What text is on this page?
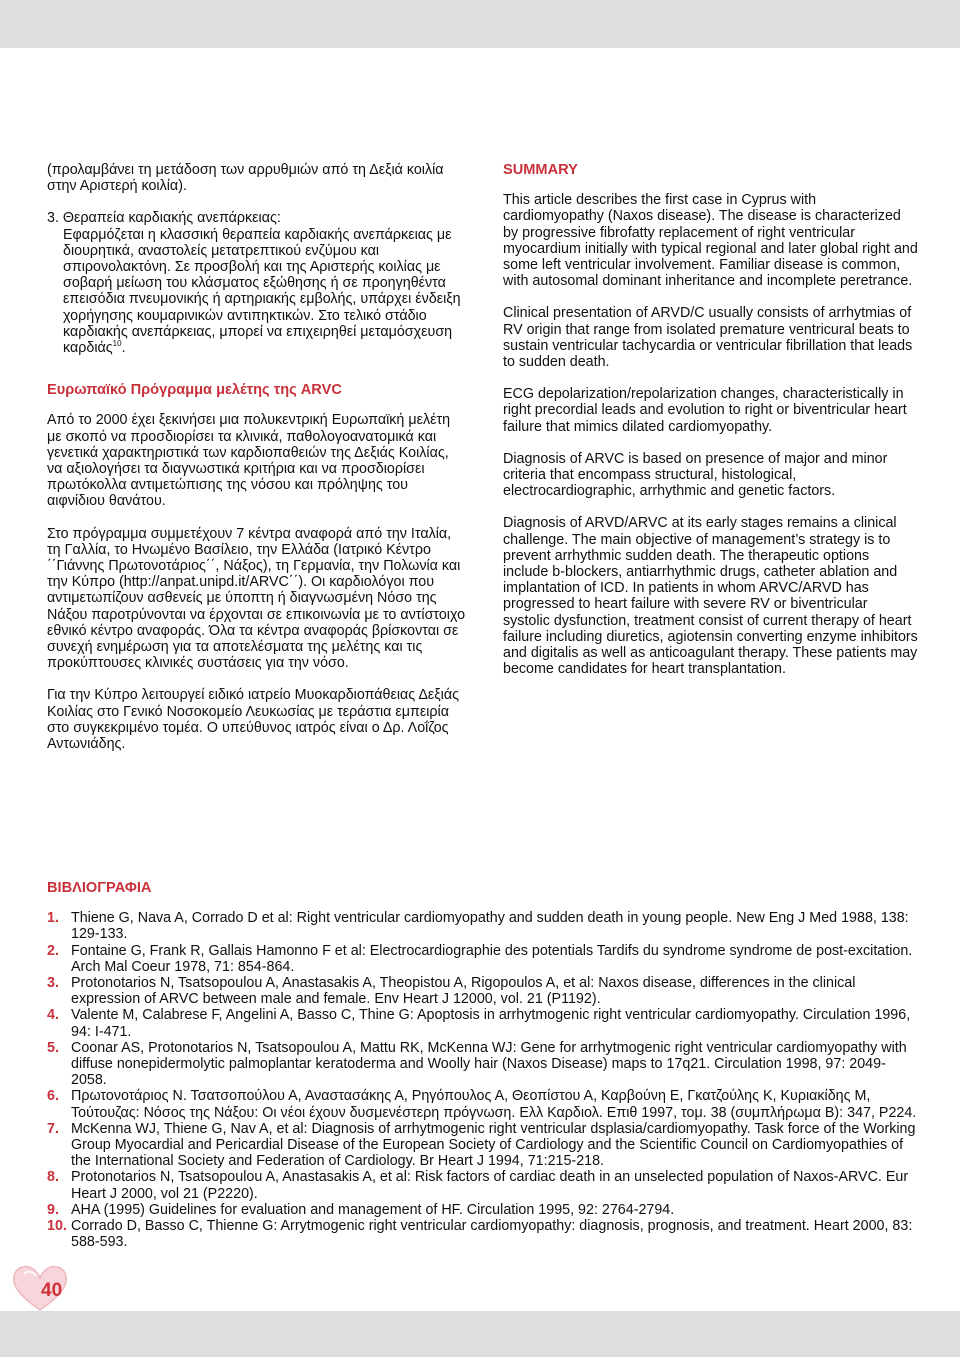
(προλαμβάνει τη μετάδοση των αρρυθμιών από τη Δεξιά κοιλία στην Αριστερή κοιλία).

3. Θεραπεία καρδιακής ανεπάρκειας:

Εφαρμόζεται η κλασσική θεραπεία καρδιακής ανεπάρκειας με διουρητικά, αναστολείς μετατρεπτικού ενζύμου και σπιρονολακτόνη. Σε προσβολή και της Αριστερής κοιλίας με σοβαρή μείωση του κλάσματος εξώθησης ή σε προηγηθέντα επεισόδια πνευμονικής ή αρτηριακής εμβολής, υπάρχει ένδειξη χορήγησης κουμαρινικών αντιπηκτικών. Στο τελικό στάδιο καρδιακής ανεπάρκειας, μπορεί να επιχειρηθεί μεταμόσχευση καρδιάς$^{10}$.

Ευρωπαϊκό Πρόγραμμα μελέτης της ARVC

Από το 2000 έχει ξεκινήσει μια πολυκεντρική Ευρωπαϊκή μελέτη με σκοπό να προσδιορίσει τα κλινικά, παθολογοανατομικά και γενετικά χαρακτηριστικά των καρδιοπαθειών της Δεξιάς Κοιλίας, να αξιολογήσει τα διαγνωστικά κριτήρια και να προσδιορίσει πρωτόκολλα αντιμετώπισης της νόσου και πρόληψης του αιφνίδιου θανάτου.

Στο πρόγραμμα συμμετέχουν 7 κέντρα αναφορά από την Ιταλία, τη Γαλλία, το Ηνωμένο Βασίλειο, την Ελλάδα (Ιατρικό Κέντρο ΄΄Γιάννης Πρωτονοτάριος΄΄, Νάξος), τη Γερμανία, την Πολωνία και την Κύπρο (http://anpat.unipd.it/ARVC΄΄). Οι καρδιολόγοι που αντιμετωπίζουν ασθενείς με ύποπτη ή διαγνωσμένη Νόσο της Νάξου παροτρύνονται να έρχονται σε επικοινωνία με το αντίστοιχο εθνικό κέντρο αναφοράς. Όλα τα κέντρα αναφοράς βρίσκονται σε συνεχή ενημέρωση για τα αποτελέσματα της μελέτης και τις προκύπτουσες κλινικές συστάσεις για την νόσο.

Για την Κύπρο λειτουργεί ειδικό ιατρείο Μυοκαρδιοπάθειας Δεξιάς Κοιλίας στο Γενικό Νοσοκομείο Λευκωσίας με τεράστια εμπειρία στο συγκεκριμένο τομέα. Ο υπεύθυνος ιατρός είναι ο Δρ. Λοΐζος Αντωνιάδης.

SUMMARY

This article describes the first case in Cyprus with cardiomyopathy (Naxos disease). The disease is characterized by progressive fibrofatty replacement of right ventricular myocardium initially with typical regional and later global right and some left ventricular involvement. Familiar disease is common, with autosomal dominant inheritance and incomplete peretrance.

Clinical presentation of ARVD/C usually consists of arrhytmias of RV origin that range from isolated premature ventricural beats to sustain ventricular tachycardia or ventricular fibrillation that leads to sudden death.

ECG depolarization/repolarization changes, characteristically in right precordial leads and evolution to right or biventricular heart failure that mimics dilated cardiomyopathy.

Diagnosis of ARVC is based on presence of major and minor criteria that encompass structural, histological, electrocardiographic, arrhythmic and genetic factors.

Diagnosis of ARVD/ARVC at its early stages remains a clinical challenge. The main objective of management’s strategy is to prevent arrhythmic sudden death. The therapeutic options include b-blockers, antiarrhythmic drugs, catheter ablation and implantation of ICD. In patients in whom ARVC/ARVD has progressed to heart failure with severe RV or biventricular systolic dysfunction, treatment consist of current therapy of heart failure including diuretics, agiotensin converting enzyme inhibitors and digitalis as well as anticoagulant therapy. These patients may become candidates for heart transplantation.

ΒΙΒΛΙΟΓΡΑΦΙΑ

1. Thiene G, Nava A, Corrado D et al: Right ventricular cardiomyopathy and sudden death in young people. New Eng J Med 1988, 138: 129-133.
2. Fontaine G, Frank R, Gallais Hamonno F et al: Electrocardiographie des potentials Tardifs du syndrome syndrome de post-excitation. Arch Mal Coeur 1978, 71: 854-864.
3. Protonotarios N, Tsatsopoulou A, Anastasakis A, Theopistou A, Rigopoulos A, et al: Naxos disease, differences in the clinical expression of ARVC between male and female. Env Heart J 12000, vol. 21 (P1192).
4. Valente M, Calabrese F, Angelini A, Basso C, Thine G: Apoptosis in arrhytmogenic right ventricular cardiomyopathy. Circulation 1996, 94: I-471.
5. Coonar AS, Protonotarios N, Tsatsopoulou A, Mattu RK, McKenna WJ: Gene for arrhytmogenic right ventricular cardiomyopathy with diffuse nonepidermolytic palmoplantar keratoderma and Woolly hair (Naxos Disease) maps to 17q21. Circulation 1998, 97: 2049-2058.
6. Πρωτονοτάριος Ν. Τσατσοπούλου Α, Αναστασάκης Α, Ρηγόπουλος Α, Θεοπίστου Α, Καρβούνη Ε, Γκατζούλης Κ, Κυριακίδης Μ, Τούτουζας: Νόσος της Νάξου: Οι νέοι έχουν δυσμενέστερη πρόγνωση. Ελλ Καρδιολ. Επιθ 1997, τομ. 38 (συμπλήρωμα Β): 347, Ρ224.
7. McKenna WJ, Thiene G, Nav A, et al: Diagnosis of arrhytmogenic right ventricular dsplasia/cardiomyopathy. Task force of the Working Group Myocardial and Pericardial Disease of the European Society of Cardiology and the Scientific Council on Cardiomyopathies of the International Society and Federation of Cardiology. Br Heart J 1994, 71:215-218.
8. Protonotarios N, Tsatsopoulou A, Anastasakis A, et al: Risk factors of cardiac death in an unselected population of Naxos-ARVC. Eur Heart J 2000, vol 21 (P2220).
9. AHA (1995) Guidelines for evaluation and management of HF. Circulation 1995, 92: 2764-2794.
10. Corrado D, Basso C, Thienne G: Arrytmogenic right ventricular cardiomyopathy: diagnosis, prognosis, and treatment. Heart 2000, 83: 588-593.
40
